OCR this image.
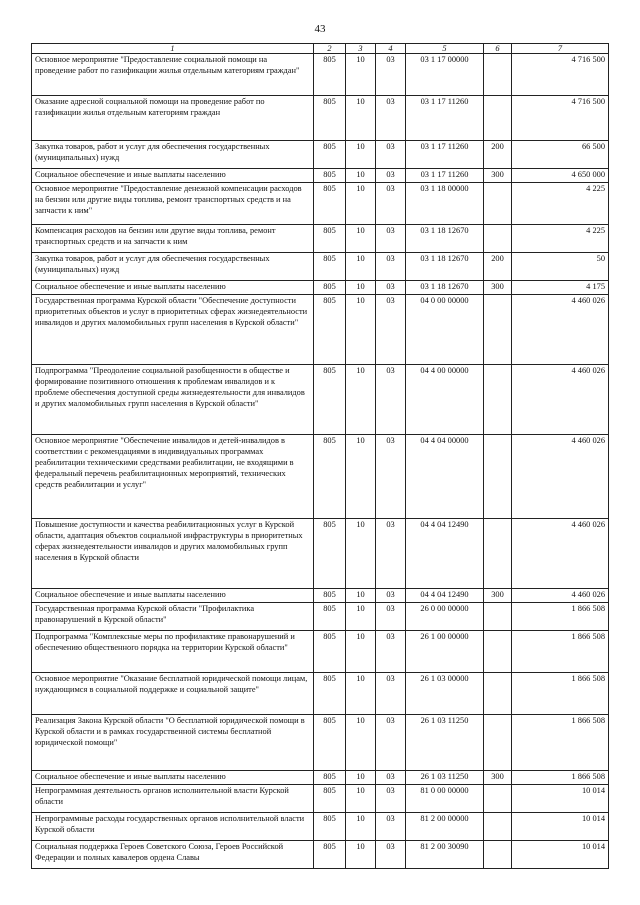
43
1	2	3	4	5	6	7
Основное мероприятие "Предоставление социальной помощи на проведение работ по газификации жилья отдельным категориям граждан"	805	10	03	03 1 17 00000		4 716 500
Оказание адресной социальной помощи на проведение работ по газификации жилья отдельным категориям граждан	805	10	03	03 1 17 11260		4 716 500
Закупка товаров, работ и услуг для обеспечения государственных (муниципальных) нужд	805	10	03	03 1 17 11260	200	66 500
Социальное обеспечение и иные выплаты населению	805	10	03	03 1 17 11260	300	4 650 000
Основное мероприятие "Предоставление денежной компенсации расходов на бензин или другие виды топлива, ремонт транспортных средств и на запчасти к ним"	805	10	03	03 1 18 00000		4 225
Компенсация расходов на бензин или другие виды топлива, ремонт транспортных средств и на запчасти к ним	805	10	03	03 1 18 12670		4 225
Закупка товаров, работ и услуг для обеспечения государственных (муниципальных) нужд	805	10	03	03 1 18 12670	200	50
Социальное обеспечение и иные выплаты населению	805	10	03	03 1 18 12670	300	4 175
Государственная программа Курской области "Обеспечение доступности приоритетных объектов и услуг в приоритетных сферах жизнедеятельности инвалидов и других маломобильных групп населения в Курской области"	805	10	03	04 0 00 00000		4 460 026
Подпрограмма "Преодоление социальной разобщенности в обществе и формирование позитивного отношения к проблемам инвалидов и к проблеме обеспечения доступной среды жизнедеятельности для инвалидов и других маломобильных групп населения в Курской области"	805	10	03	04 4 00 00000		4 460 026
Основное мероприятие "Обеспечение инвалидов и детей-инвалидов в соответствии с рекомендациями в индивидуальных программах реабилитации техническими средствами реабилитации, не входящими в федеральный перечень реабилитационных мероприятий, технических средств реабилитации и услуг"	805	10	03	04 4 04 00000		4 460 026
Повышение доступности и качества реабилитационных услуг в Курской области, адаптация объектов социальной инфраструктуры в приоритетных сферах жизнедеятельности инвалидов и других маломобильных групп населения в Курской области	805	10	03	04 4 04 12490		4 460 026
Социальное обеспечение и иные выплаты населению	805	10	03	04 4 04 12490	300	4 460 026
Государственная программа Курской области "Профилактика правонарушений в Курской области"	805	10	03	26 0 00 00000		1 866 508
Подпрограмма "Комплексные меры по профилактике правонарушений и обеспечению общественного порядка на территории Курской области"	805	10	03	26 1 00 00000		1 866 508
Основное мероприятие "Оказание бесплатной юридической помощи лицам, нуждающимся в социальной поддержке и социальной защите"	805	10	03	26 1 03 00000		1 866 508
Реализация Закона Курской области "О бесплатной юридической помощи в Курской области и в рамках государственной системы бесплатной юридической помощи"	805	10	03	26 1 03 11250		1 866 508
Социальное обеспечение и иные выплаты населению	805	10	03	26 1 03 11250	300	1 866 508
Непрограммная деятельность органов исполнительной власти Курской области	805	10	03	81 0 00 00000		10 014
Непрограммные расходы государственных органов исполнительной власти Курской области	805	10	03	81 2 00 00000		10 014
Социальная поддержка Героев Советского Союза, Героев Российской Федерации и полных кавалеров ордена Славы	805	10	03	81 2 00 30090		10 014
